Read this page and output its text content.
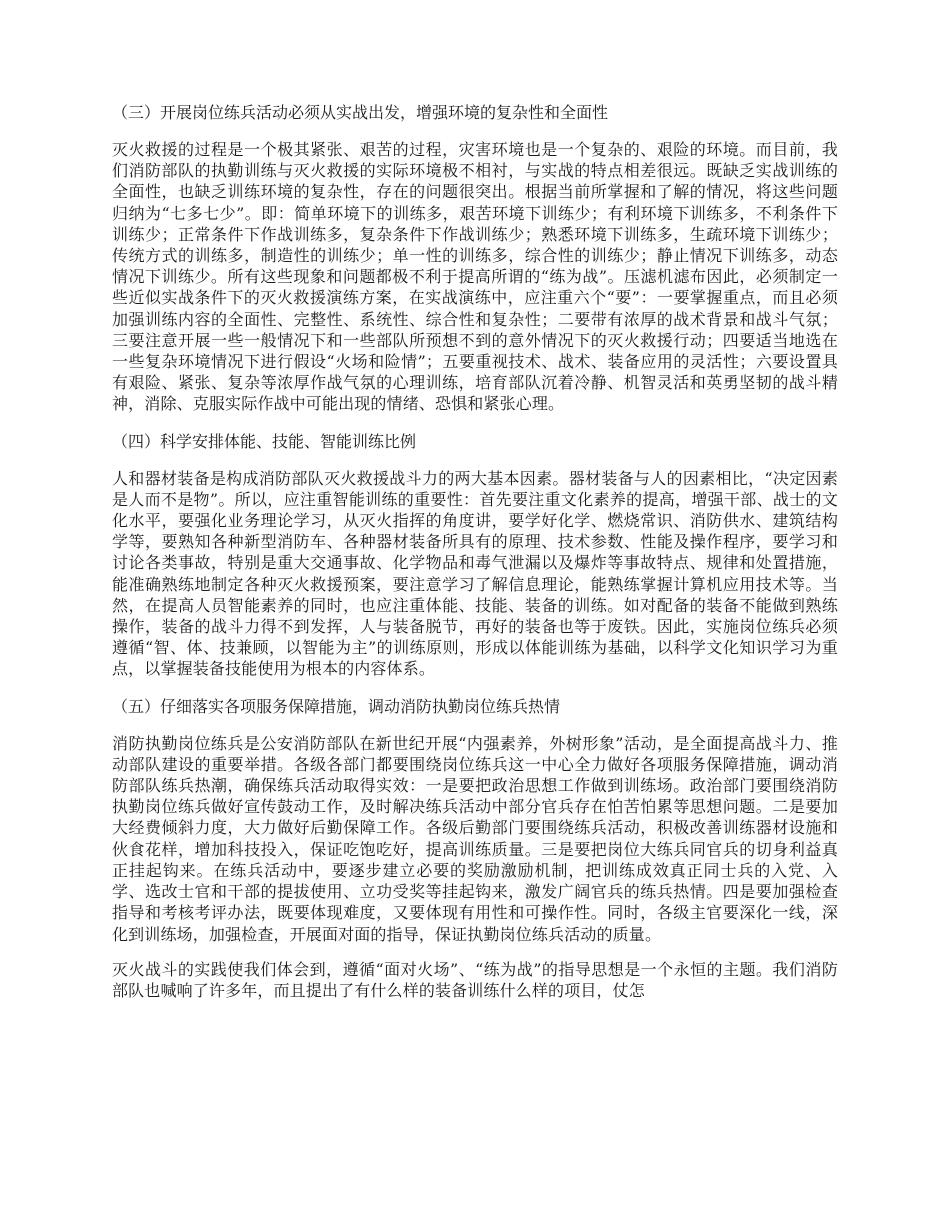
（三）开展岗位练兵活动必须从实战出发，增强环境的复杂性和全面性
灭火救援的过程是一个极其紧张、艰苦的过程，灾害环境也是一个复杂的、艰险的环境。而目前，我们消防部队的执勤训练与灭火救援的实际环境极不相衬，与实战的特点相差很远。既缺乏实战训练的全面性，也缺乏训练环境的复杂性，存在的问题很突出。根据当前所掌握和了解的情况，将这些问题归纳为“七多七少”。即：简单环境下的训练多，艰苦环境下训练少；有利环境下训练多，不利条件下训练少；正常条件下作战训练多，复杂条件下作战训练少；熟悉环境下训练多，生疏环境下训练少；传统方式的训练多，制造性的训练少；单一性的训练多，综合性的训练少；静止情况下训练多，动态情况下训练少。所有这些现象和问题都极不利于提高所谓的“练为战”。压滤机滤布因此，必须制定一些近似实战条件下的灭火救援演练方案，在实战演练中，应注重六个“要”：一要掌握重点，而且必须加强训练内容的全面性、完整性、系统性、综合性和复杂性；二要带有浓厚的战术背景和战斗气氛；三要注意开展一些一般情况下和一些部队所预想不到的意外情况下的灭火救援行动；四要适当地选在一些复杂环境情况下进行假设“火场和险情”；五要重视技术、战术、装备应用的灵活性；六要设置具有艰险、紧张、复杂等浓厚作战气氛的心理训练，培育部队沉着冷静、机智灵活和英勇坚韧的战斗精神，消除、克服实际作战中可能出现的情绪、恐惧和紧张心理。
（四）科学安排体能、技能、智能训练比例
人和器材装备是构成消防部队灭火救援战斗力的两大基本因素。器材装备与人的因素相比，“决定因素是人而不是物”。所以，应注重智能训练的重要性：首先要注重文化素养的提高，增强干部、战士的文化水平，要强化业务理论学习，从灭火指挥的角度讲，要学好化学、燃烧常识、消防供水、建筑结构学等，要熟知各种新型消防车、各种器材装备所具有的原理、技术参数、性能及操作程序，要学习和讨论各类事故，特别是重大交通事故、化学物品和毒气泄漏以及爆炸等事故特点、规律和处置措施，能准确熟练地制定各种灭火救援预案，要注意学习了解信息理论，能熟练掌握计算机应用技术等。当然，在提高人员智能素养的同时，也应注重体能、技能、装备的训练。如对配备的装备不能做到熟练操作，装备的战斗力得不到发挥，人与装备脱节，再好的装备也等于废铁。因此，实施岗位练兵必须遵循“智、体、技兼顾，以智能为主”的训练原则，形成以体能训练为基础，以科学文化知识学习为重点，以掌握装备技能使用为根本的内容体系。
（五）仔细落实各项服务保障措施，调动消防执勤岗位练兵热情
消防执勤岗位练兵是公安消防部队在新世纪开展“内强素养，外树形象”活动，是全面提高战斗力、推动部队建设的重要举措。各级各部门都要围绕岗位练兵这一中心全力做好各项服务保障措施，调动消防部队练兵热潮，确保练兵活动取得实效：一是要把政治思想工作做到训练场。政治部门要围绕消防执勤岗位练兵做好宣传鼓动工作，及时解决练兵活动中部分官兵存在怕苦怕累等思想问题。二是要加大经费倾斜力度，大力做好后勤保障工作。各级后勤部门要围绕练兵活动，积极改善训练器材设施和伙食花样，增加科技投入，保证吃饱吃好，提高训练质量。三是要把岗位大练兵同官兵的切身利益真正挂起钩来。在练兵活动中，要逐步建立必要的奖励激励机制，把训练成效真正同士兵的入党、入学、选改士官和干部的提拔使用、立功受奖等挂起钩来，激发广阔官兵的练兵热情。四是要加强检查指导和考核考评办法，既要体现难度，又要体现有用性和可操作性。同时，各级主官要深化一线，深化到训练场，加强检查，开展面对面的指导，保证执勤岗位练兵活动的质量。
灭火战斗的实践使我们体会到，遵循“面对火场”、“练为战”的指导思想是一个永恒的主题。我们消防部队也喊响了许多年，而且提出了有什么样的装备训练什么样的项目，仗怎
